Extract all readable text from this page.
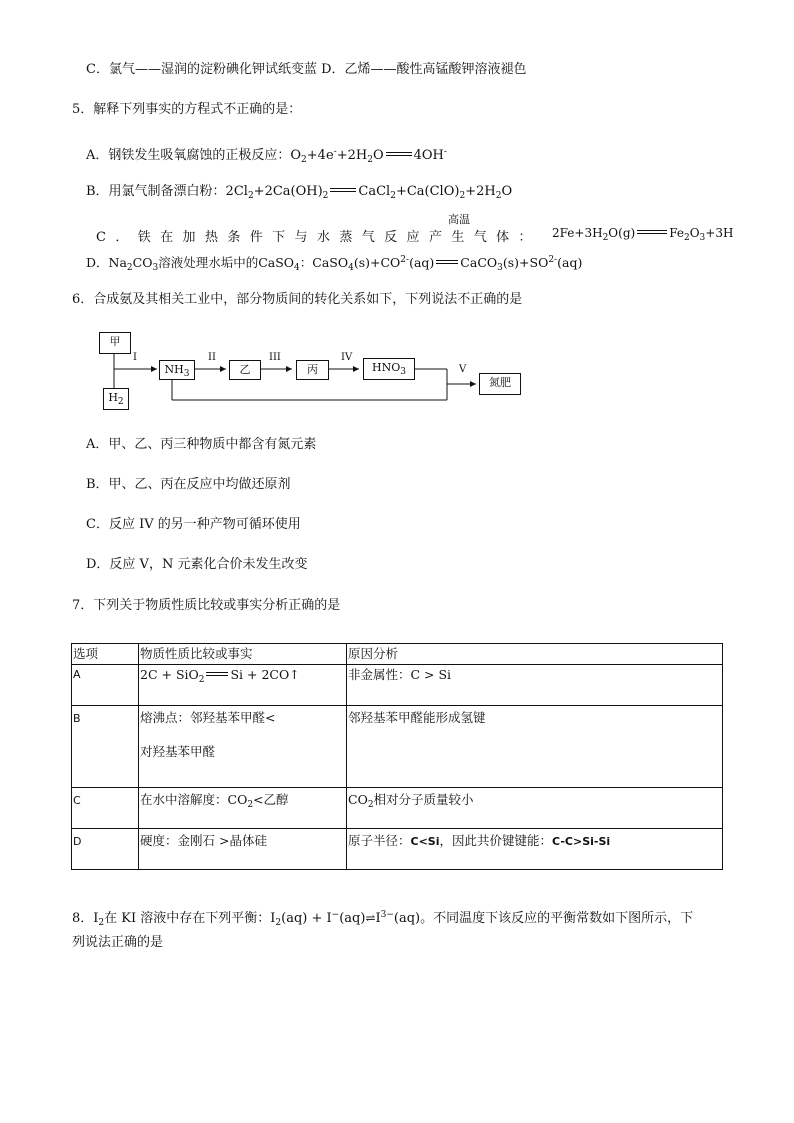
C．氯气——湿润的淀粉碘化钾试纸变蓝 D．乙烯——酸性高锰酸钾溶液褪色
5．解释下列事实的方程式不正确的是：
A．钢铁发生吸氧腐蚀的正极反应：$O_2+4e^-+2H_2O$ 4OH-
B．用氯气制备漂白粉：$2Cl_2+2Ca(OH)_2$ $CaCl_2+Ca(ClO)_2+2H_2O$
C．铁在加热条件下与水蒸气反应产生气体：
高温
$2Fe+3H_2O(g)$	$Fe_2O_3+3H$
D．$Na_2CO_3$溶液处理水垢中的CaSO$_4$：$CaSO_4(s)+CO^{2-}(aq)$ $CaCO_3(s)+SO^{2-}(aq)$
6．合成氨及其相关工业中，部分物质间的转化关系如下，下列说法不正确的是
甲
$H_2$
$NH_3$	乙	丙	$HNO_3$
氮肥
I	II	III	IV
V
A．甲、乙、丙三种物质中都含有氮元素
B．甲、乙、丙在反应中均做还原剂
C．反应 IV 的另一种产物可循环使用
D．反应 V，N 元素化合价未发生改变
7．下列关于物质性质比较或事实分析正确的是
选项	物质性质比较或事实	原因分析
A	2C + SiO$_2$ Si + 2CO↑	非金属性：C > Si
B	熔沸点：邻羟基苯甲醛<
对羟基苯甲醛	邻羟基苯甲醛能形成氢键
C	在水中溶解度：$CO_2<$乙醇	$CO_2$相对分子质量较小
D	硬度：金刚石 >晶体硅	原子半径：C<Si，因此共价键键能：C-C>Si-Si
8．$I_2$在 KI 溶液中存在下列平衡：$I_2(aq)$ + $I^-(aq)\rightleftharpoons I^{3-}(aq)$。不同温度下该反应的平衡常数如下图所示，下
列说法正确的是
